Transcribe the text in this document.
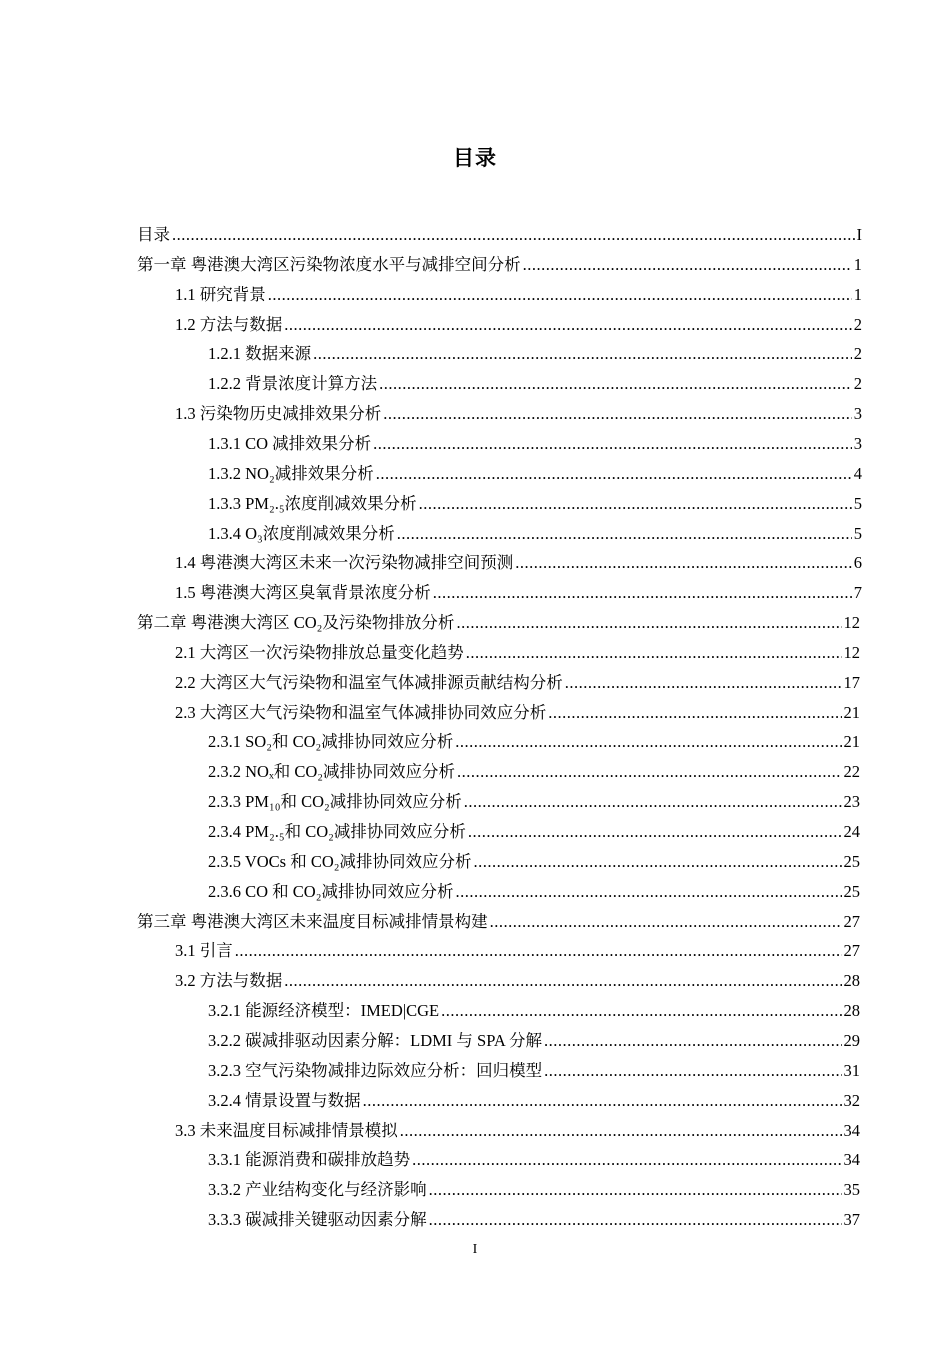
目录
目录 .....	I
第一章 粤港澳大湾区污染物浓度水平与减排空间分析 .....	1
1.1 研究背景 .....	1
1.2 方法与数据 .....	2
1.2.1 数据来源 .....	2
1.2.2 背景浓度计算方法 .....	2
1.3 污染物历史减排效果分析 .....	3
1.3.1 CO 减排效果分析 .....	3
1.3.2 NO₂减排效果分析 .....	4
1.3.3 PM₂.₅浓度削减效果分析 .....	5
1.3.4 O₃浓度削减效果分析 .....	5
1.4 粤港澳大湾区未来一次污染物减排空间预测 .....	6
1.5 粤港澳大湾区臭氧背景浓度分析 .....	7
第二章 粤港澳大湾区 CO₂及污染物排放分析 .....	12
2.1 大湾区一次污染物排放总量变化趋势 .....	12
2.2 大湾区大气污染物和温室气体减排源贡献结构分析 .....	17
2.3 大湾区大气污染物和温室气体减排协同效应分析 .....	21
2.3.1 SO₂和 CO₂减排协同效应分析 .....	21
2.3.2 NOₓ和 CO₂减排协同效应分析 .....	22
2.3.3 PM₁₀和 CO₂减排协同效应分析 .....	23
2.3.4 PM₂.₅和 CO₂减排协同效应分析 .....	24
2.3.5 VOCs 和 CO₂减排协同效应分析 .....	25
2.3.6 CO 和 CO₂减排协同效应分析 .....	25
第三章 粤港澳大湾区未来温度目标减排情景构建 .....	27
3.1 引言 .....	27
3.2 方法与数据 .....	28
3.2.1 能源经济模型：IMED|CGE .....	28
3.2.2 碳减排驱动因素分解：LDMI 与 SPA 分解 .....	29
3.2.3 空气污染物减排边际效应分析：回归模型 .....	31
3.2.4 情景设置与数据 .....	32
3.3 未来温度目标减排情景模拟 .....	34
3.3.1 能源消费和碳排放趋势 .....	34
3.3.2 产业结构变化与经济影响 .....	35
3.3.3 碳减排关键驱动因素分解 .....	37
I
